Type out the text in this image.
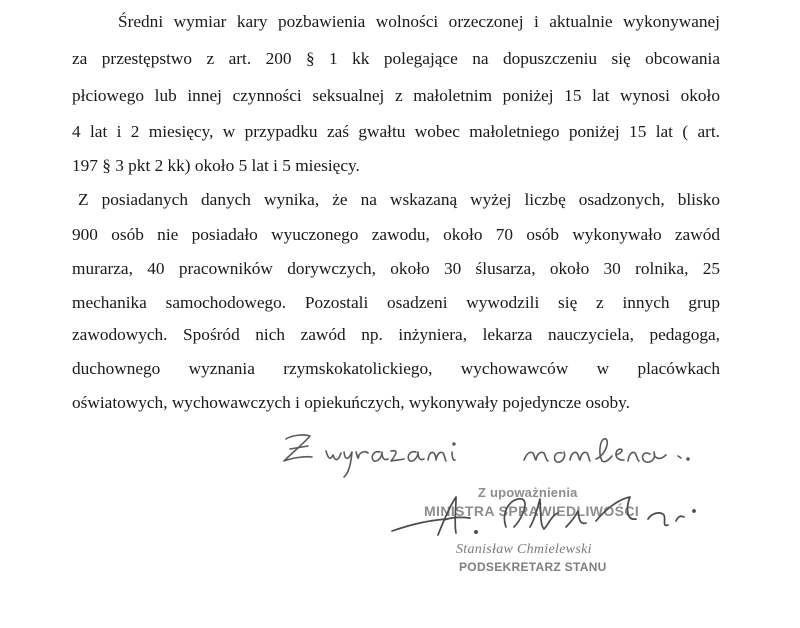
Średni wymiar kary pozbawienia wolności orzeczonej i aktualnie wykonywanej
za przestępstwo z art. 200 § 1 kk polegające na dopuszczeniu się obcowania
płciowego lub innej czynności seksualnej z małoletnim poniżej 15 lat wynosi około
4 lat i 2 miesięcy, w przypadku zaś gwałtu wobec małoletniego poniżej 15 lat ( art.
197 § 3 pkt 2 kk) około 5 lat i 5 miesięcy.
Z posiadanych danych wynika, że na wskazaną wyżej liczbę osadzonych, blisko
900 osób nie posiadało wyuczonego zawodu, około 70 osób wykonywało zawód
murarza, 40 pracowników dorywczych, około 30 ślusarza, około 30 rolnika, 25
mechanika samochodowego. Pozostali osadzeni wywodzili się z innych grup
zawodowych. Spośród nich zawód np. inżyniera, lekarza nauczyciela, pedagoga,
duchownego wyznania rzymskokatolickiego, wychowawców w placówkach
oświatowych, wychowawczych i opiekuńczych, wykonywały pojedyncze osoby.
Z upoważnienia
MINISTRA SPRAWIEDLIWOŚCI
Stanisław Chmielewski
PODSEKRETARZ STANU
